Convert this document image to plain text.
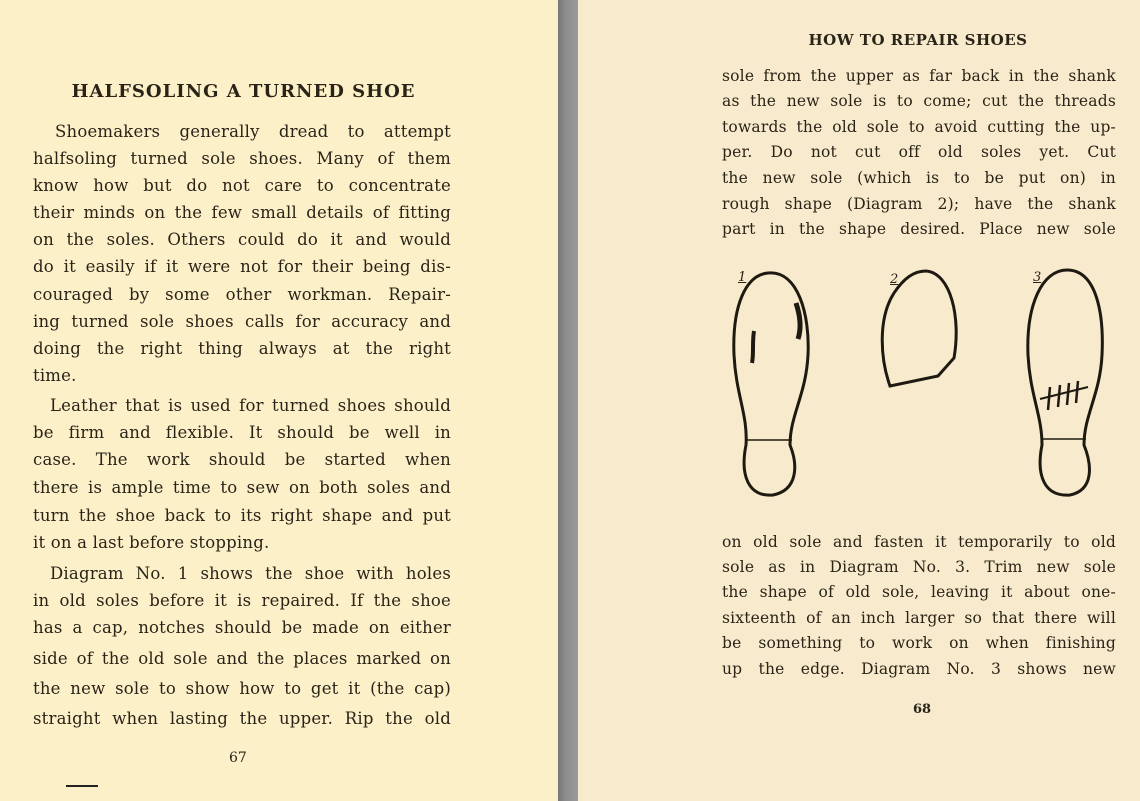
HALFSOLING A TURNED SHOE
Shoemakers generally dread to attempt
halfsoling turned sole shoes. Many of them
know how but do not care to concentrate
their minds on the few small details of fitting
on the soles. Others could do it and would
do it easily if it were not for their being dis-
couraged by some other workman. Repair-
ing turned sole shoes calls for accuracy and
doing the right thing always at the right
time.
Leather that is used for turned shoes should
be firm and flexible. It should be well in
case. The work should be started when
there is ample time to sew on both soles and
turn the shoe back to its right shape and put
it on a last before stopping.
Diagram No. 1 shows the shoe with holes
in old soles before it is repaired. If the shoe
has a cap, notches should be made on either
side of the old sole and the places marked on
the new sole to show how to get it (the cap)
straight when lasting the upper. Rip the old
67
HOW TO REPAIR SHOES
sole from the upper as far back in the shank
as the new sole is to come; cut the threads
towards the old sole to avoid cutting the up-
per. Do not cut off old soles yet. Cut
the new sole (which is to be put on) in
rough shape (Diagram 2); have the shank
part in the shape desired. Place new sole
on old sole and fasten it temporarily to old
sole as in Diagram No. 3. Trim new sole
the shape of old sole, leaving it about one-
sixteenth of an inch larger so that there will
be something to work on when finishing
up the edge. Diagram No. 3 shows new
1	2	3
68
